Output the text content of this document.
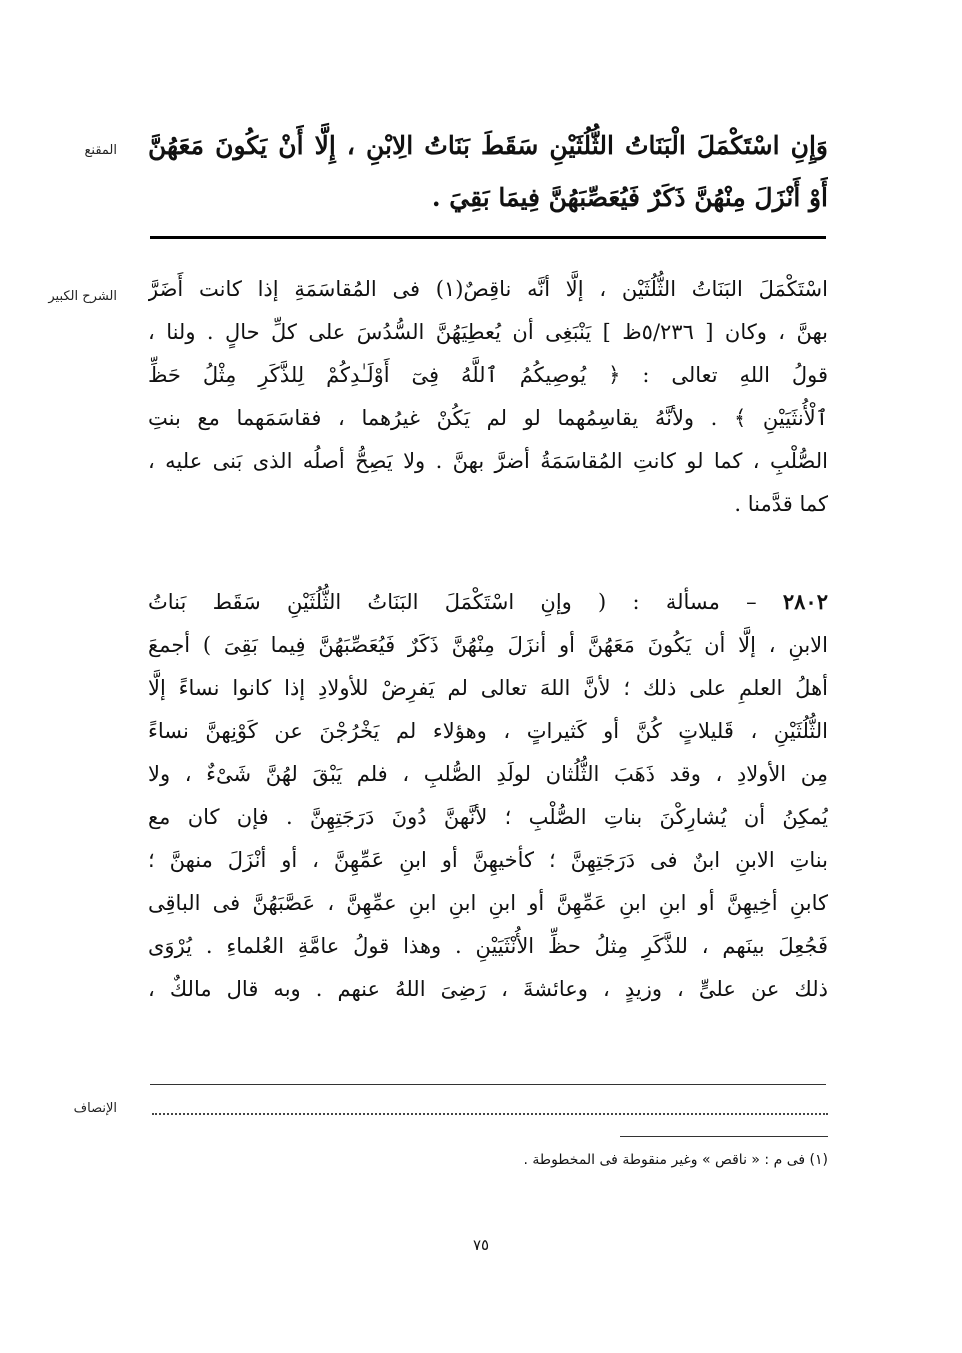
المقنع
الشرح الكبير
الإنصاف
وَإِنِ اسْتَكْمَلَ الْبَنَاتُ الثُّلُثَيْنِ سَقَطَ بَنَاتُ الِابْنِ ، إِلَّا أَنْ يَكُونَ مَعَهُنَّ
أَوْ أَنْزَلَ مِنْهُنَّ ذَكَرٌ فَيُعَصِّبَهُنَّ فِيمَا بَقِيَ .
اسْتَكْمَلَ البَنَاتُ الثُّلُثَيْن ، إلَّا أنَّه ناقِصٌ(١) فى المُقاسَمَةِ إذا كانت أَضَرَّ
بهنَّ ، وكان [ ٥/٢٣٦ظ ] يَنْبَغِى أن يُعطِيَهُنَّ السُّدُسَ على كلِّ حالٍ . ولنا ،
قولُ اللهِ تعالى : ﴿ يُوصِيكُمُ ٱللَّهُ فِىٓ أَوْلَـٰدِكُمْ لِلذَّكَرِ مِثْلُ حَظِّ
ٱلْأُنثَيَيْنِ ﴾ . ولأنَّهُ يقاسِمُهما لو لم يَكُنْ غيرُهما ، فقاسَمَهما مع بنتِ
الصُّلْبِ ، كما لو كانتِ المُقاسَمَةُ أضرَّ بهنَّ . ولا يَصِحُّ أصلُه الذى بَنى عليه ،
كما قدَّمنا .
٢٨٠٢ – مسألة : ( وإنِ اسْتَكْمَلَ البَنَاتُ الثُّلُثَيْنِ سَقَط بَناتُ
الابنِ ، إلَّا أن يَكُونَ مَعَهُنَّ أو أنزَلَ مِنْهُنَّ ذَكَرٌ فَيُعَصِّبَهُنَّ فِيما بَقِىَ ) أجمعَ
أهلُ العلمِ على ذلك ؛ لأنَّ اللهَ تعالى لم يَفرِضْ للأولادِ إذا كانوا نساءً إلَّا
الثُّلُثَيْنِ ، قَليلاتٍ كُنَّ أو كَثيراتٍ ، وهؤلاء لم يَخْرُجْنَ عن كَوْنِهنَّ نساءً
مِن الأولادِ ، وقد ذَهَبَ الثُّلُثان لولَدِ الصُّلبِ ، فلم يَبْقَ لهُنَّ شَىْءٌ ، ولا
يُمكِنُ أن يُشارِكْنَ بناتِ الصُّلْبِ ؛ لأنَّهنَّ دُونَ دَرَجَتِهِنَّ . فإن كان مع
بناتِ الابنِ ابنٌ فى دَرَجَتِهِنَّ ؛ كأخيهِنَّ أو ابنِ عَمِّهِنَّ ، أو أنْزَلَ منهنَّ ؛
كابنِ أخِيهِنَّ أو ابنِ ابنِ عَمِّهِنَّ أو ابنِ ابنِ ابنِ عمِّهِنَّ ، عَصَّبَهُنَّ فى الباقِى
فَجُعِلَ بينَهم ، للذَّكَرِ مِثلُ حظِّ الأُنْثَيَيْنِ . وهذا قولُ عامَّةِ العُلماءِ . يُرْوَى
ذلك عن علىٍّ ، وزيدٍ ، وعائشةَ ، رَضِىَ اللهُ عنهم . وبه قال مالكٌ ،
(١) فى م : « ناقص » وغير منقوطة فى المخطوطة .
٧٥
